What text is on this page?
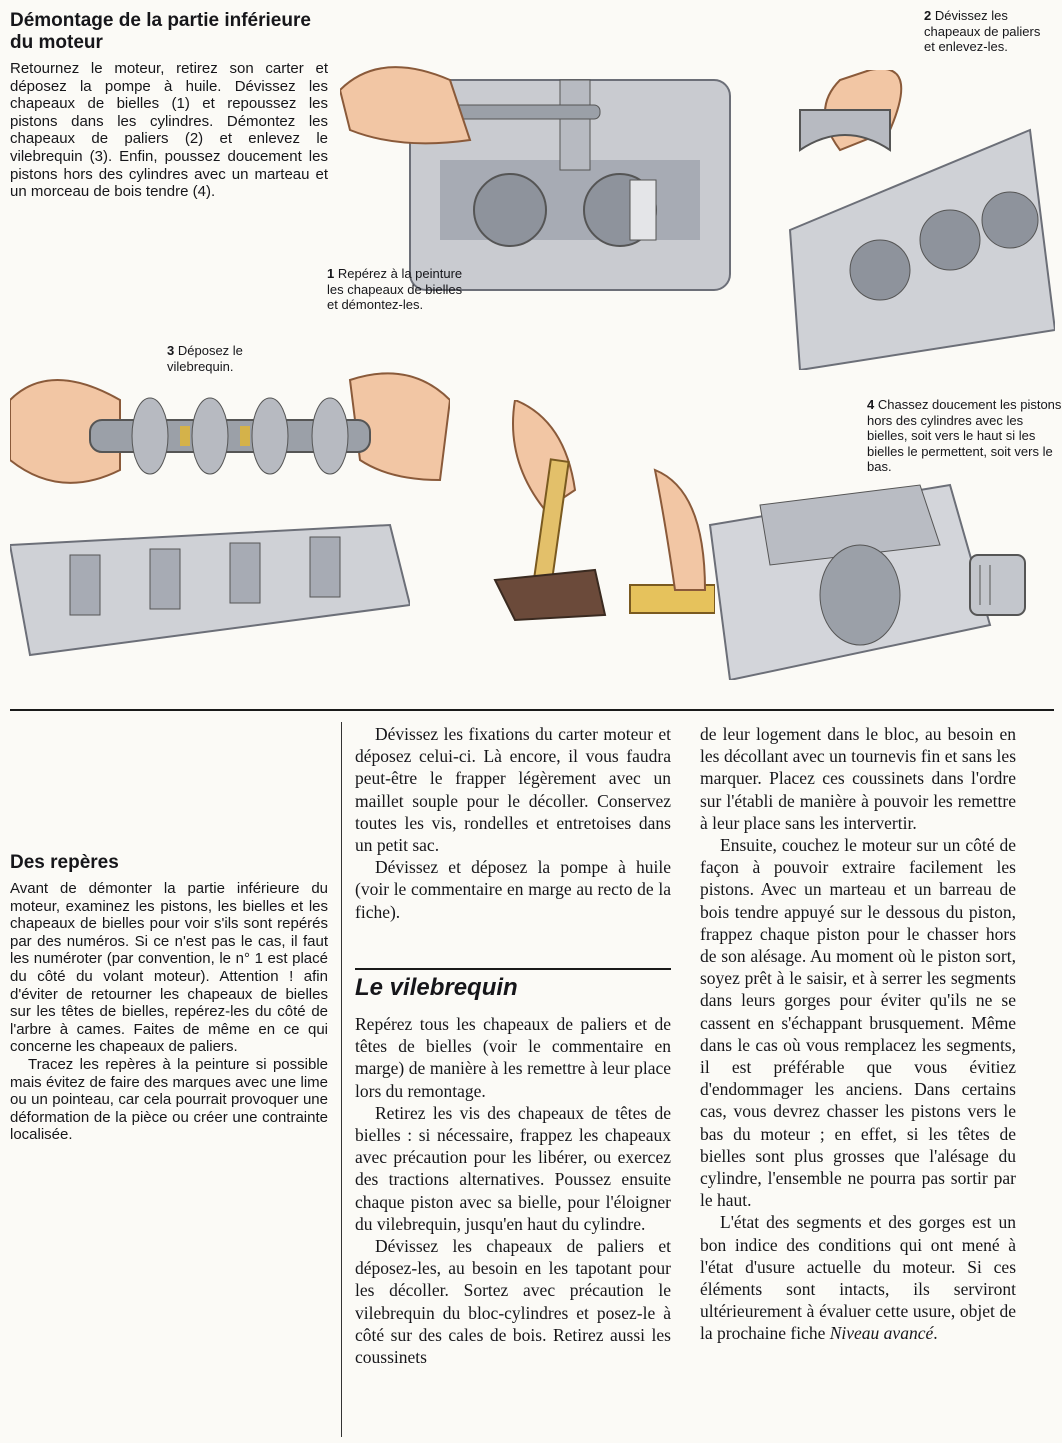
Démontage de la partie inférieure du moteur
Retournez le moteur, retirez son carter et déposez la pompe à huile. Dévissez les chapeaux de bielles (1) et repoussez les pistons dans les cylindres. Démontez les chapeaux de paliers (2) et enlevez le vilebrequin (3). Enfin, poussez doucement les pistons hors des cylindres avec un marteau et un morceau de bois tendre (4).
1 Repérez à la peinture les chapeaux de bielles et démontez-les.
2 Dévissez les chapeaux de paliers et enlevez-les.
3 Déposez le vilebrequin.
4 Chassez doucement les pistons hors des cylindres avec les bielles, soit vers le haut si les bielles le permettent, soit vers le bas.
Des repères

Avant de démonter la partie inférieure du moteur, examinez les pistons, les bielles et les chapeaux de bielles pour voir s'ils sont repérés par des numéros. Si ce n'est pas le cas, il faut les numéroter (par convention, le n° 1 est placé du côté du volant moteur). Attention ! afin d'éviter de retourner les chapeaux de bielles sur les têtes de bielles, repérez-les du côté de l'arbre à cames. Faites de même en ce qui concerne les chapeaux de paliers.

Tracez les repères à la peinture si possible mais évitez de faire des marques avec une lime ou un pointeau, car cela pourrait provoquer une déformation de la pièce ou créer une contrainte localisée.

Dévissez les fixations du carter moteur et déposez celui-ci. Là encore, il vous faudra peut-être le frapper légèrement avec un maillet souple pour le décoller. Conservez toutes les vis, rondelles et entretoises dans un petit sac.

Dévissez et déposez la pompe à huile (voir le commentaire en marge au recto de la fiche).

Le vilebrequin

Repérez tous les chapeaux de paliers et de têtes de bielles (voir le commentaire en marge) de manière à les remettre à leur place lors du remontage.

Retirez les vis des chapeaux de têtes de bielles : si nécessaire, frappez les chapeaux avec précaution pour les libérer, ou exercez des tractions alternatives. Poussez ensuite chaque piston avec sa bielle, pour l'éloigner du vilebrequin, jusqu'en haut du cylindre.

Dévissez les chapeaux de paliers et déposez-les, au besoin en les tapotant pour les décoller. Sortez avec précaution le vilebrequin du bloc-cylindres et posez-le à côté sur des cales de bois. Retirez aussi les coussinets

de leur logement dans le bloc, au besoin en les décollant avec un tournevis fin et sans les marquer. Placez ces coussinets dans l'ordre sur l'établi de manière à pouvoir les remettre à leur place sans les intervertir.

Ensuite, couchez le moteur sur un côté de façon à pouvoir extraire facilement les pistons. Avec un marteau et un barreau de bois tendre appuyé sur le dessous du piston, frappez chaque piston pour le chasser hors de son alésage. Au moment où le piston sort, soyez prêt à le saisir, et à serrer les segments dans leurs gorges pour éviter qu'ils ne se cassent en s'échappant brusquement. Même dans le cas où vous remplacez les segments, il est préférable que vous évitiez d'endommager les anciens. Dans certains cas, vous devrez chasser les pistons vers le bas du moteur ; en effet, si les têtes de bielles sont plus grosses que l'alésage du cylindre, l'ensemble ne pourra pas sortir par le haut.

L'état des segments et des gorges est un bon indice des conditions qui ont mené à l'état d'usure actuelle du moteur. Si ces éléments sont intacts, ils serviront ultérieurement à évaluer cette usure, objet de la prochaine fiche Niveau avancé.
